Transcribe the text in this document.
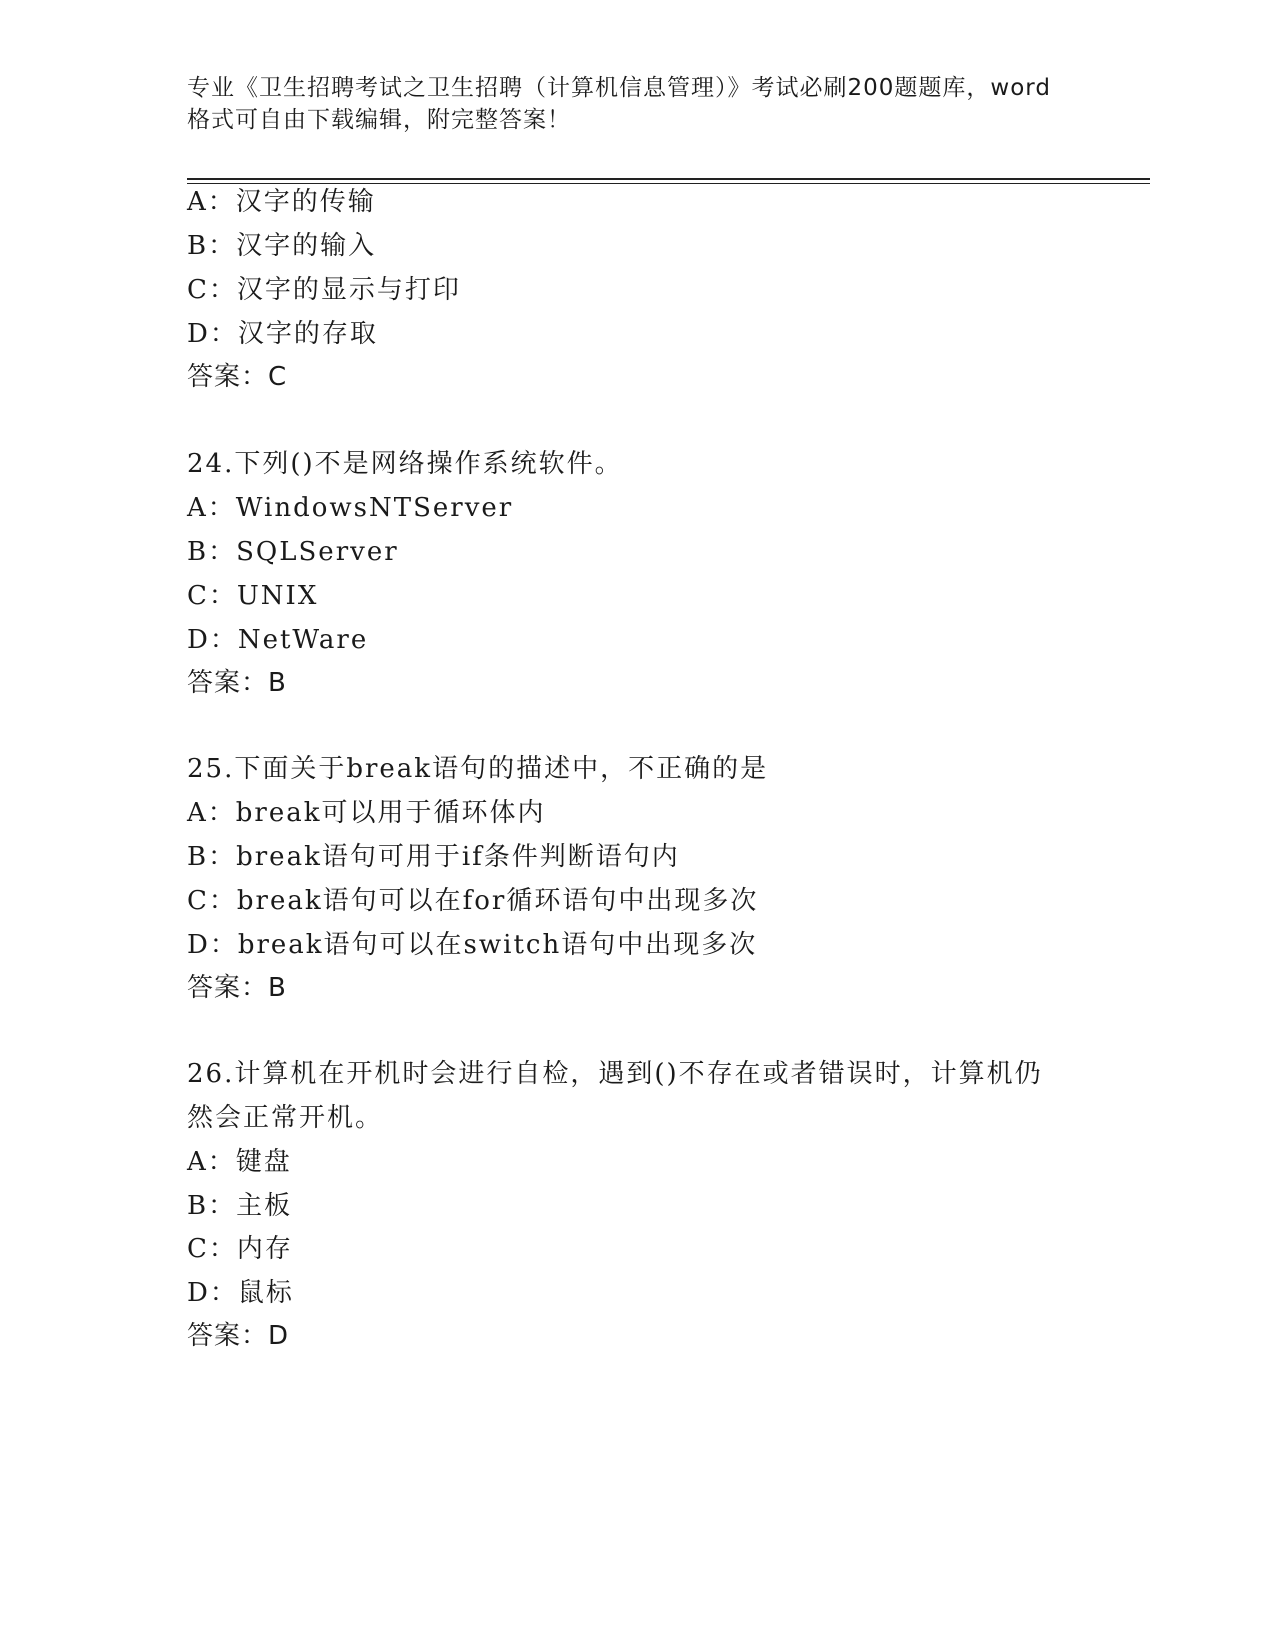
专业《卫生招聘考试之卫生招聘（计算机信息管理）》考试必刷200题题库，word
格式可自由下载编辑，附完整答案！
A：汉字的传输
B：汉字的输入
C：汉字的显示与打印
D：汉字的存取
答案：C
24.下列()不是网络操作系统软件。
A：WindowsNTServer
B：SQLServer
C：UNIX
D：NetWare
答案：B
25.下面关于break语句的描述中，不正确的是
A：break可以用于循环体内
B：break语句可用于if条件判断语句内
C：break语句可以在for循环语句中出现多次
D：break语句可以在switch语句中出现多次
答案：B
26.计算机在开机时会进行自检，遇到()不存在或者错误时，计算机仍
然会正常开机。
A：键盘
B：主板
C：内存
D：鼠标
答案：D
